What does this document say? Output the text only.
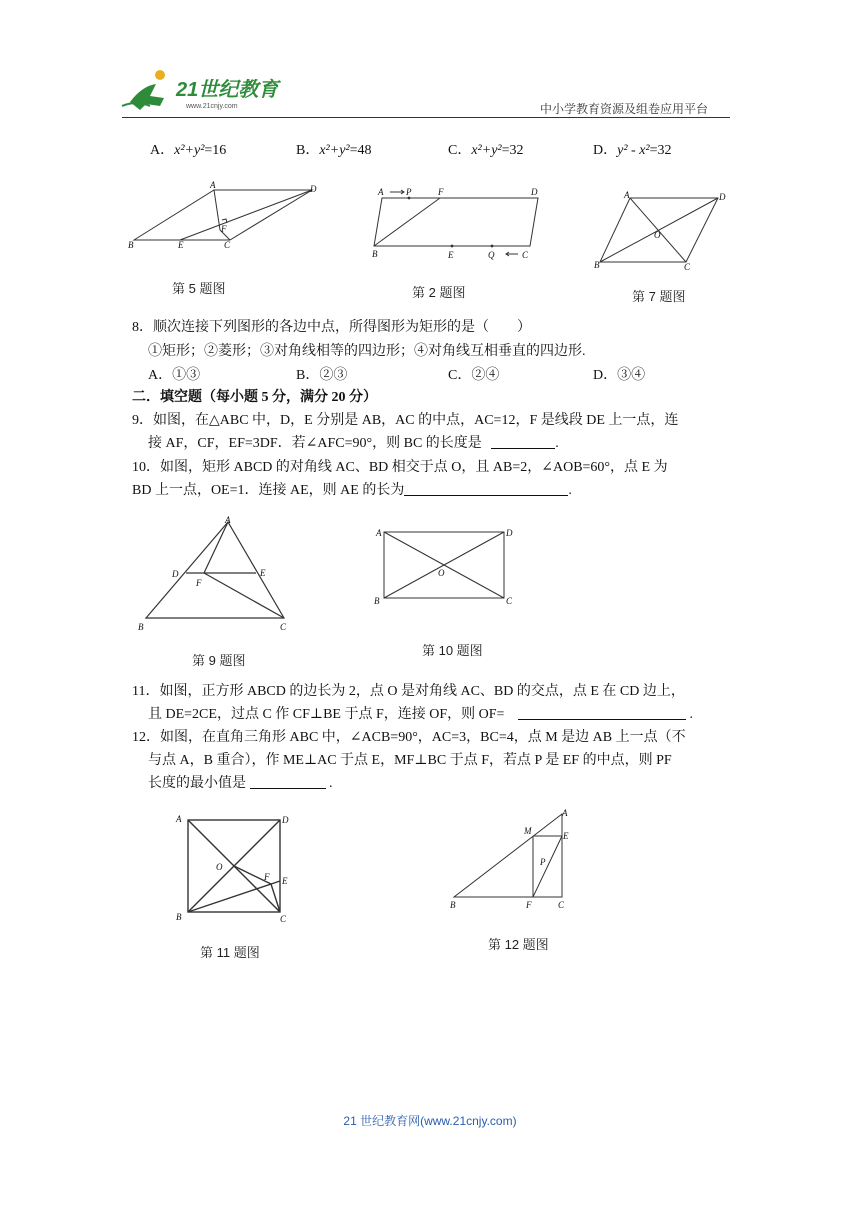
21世纪教育
www.21cnjy.com	中小学教育资源及组卷应用平台
A．x²+y²=16	B．x²+y²=48	C．x²+y²=32	D．y² - x²=32
A	D
B	E	C
F
第 5 题图
A	P	F	D
B	E	Q	C
第 2 题图
A	D
O
B	C
第 7 题图
8．顺次连接下列图形的各边中点，所得图形为矩形的是（　　）
①矩形；②菱形；③对角线相等的四边形；④对角线互相垂直的四边形.
A．①③	B．②③	C．②④	D．③④
二．填空题（每小题 5 分，满分 20 分）
9．如图，在△ABC 中，D，E 分别是 AB，AC 的中点，AC=12，F 是线段 DE 上一点，连
接 AF，CF，EF=3DF．若∠AFC=90°，则 BC 的长度是	.
10．如图，矩形 ABCD 的对角线 AC、BD 相交于点 O，且 AB=2，∠AOB=60°，点 E 为
BD 上一点，OE=1．连接 AE，则 AE 的长为	.
A
D	E
F
B	C
第 9 题图
A	D
O
B	C
第 10 题图
11．如图，正方形 ABCD 的边长为 2，点 O 是对角线 AC、BD 的交点，点 E 在 CD 边上，
且 DE=2CE，过点 C 作 CF⊥BE 于点 F，连接 OF，则 OF=	.
12．如图，在直角三角形 ABC 中，∠ACB=90°，AC=3，BC=4，点 M 是边 AB 上一点（不
与点 A，B 重合），作 ME⊥AC 于点 E，MF⊥BC 于点 F，若点 P 是 EF 的中点，则 PF
长度的最小值是	.
A	D
O
F E
B	C
第 11 题图
A
M	E
P
B	F	C
第 12 题图
21 世纪教育网(www.21cnjy.com)
